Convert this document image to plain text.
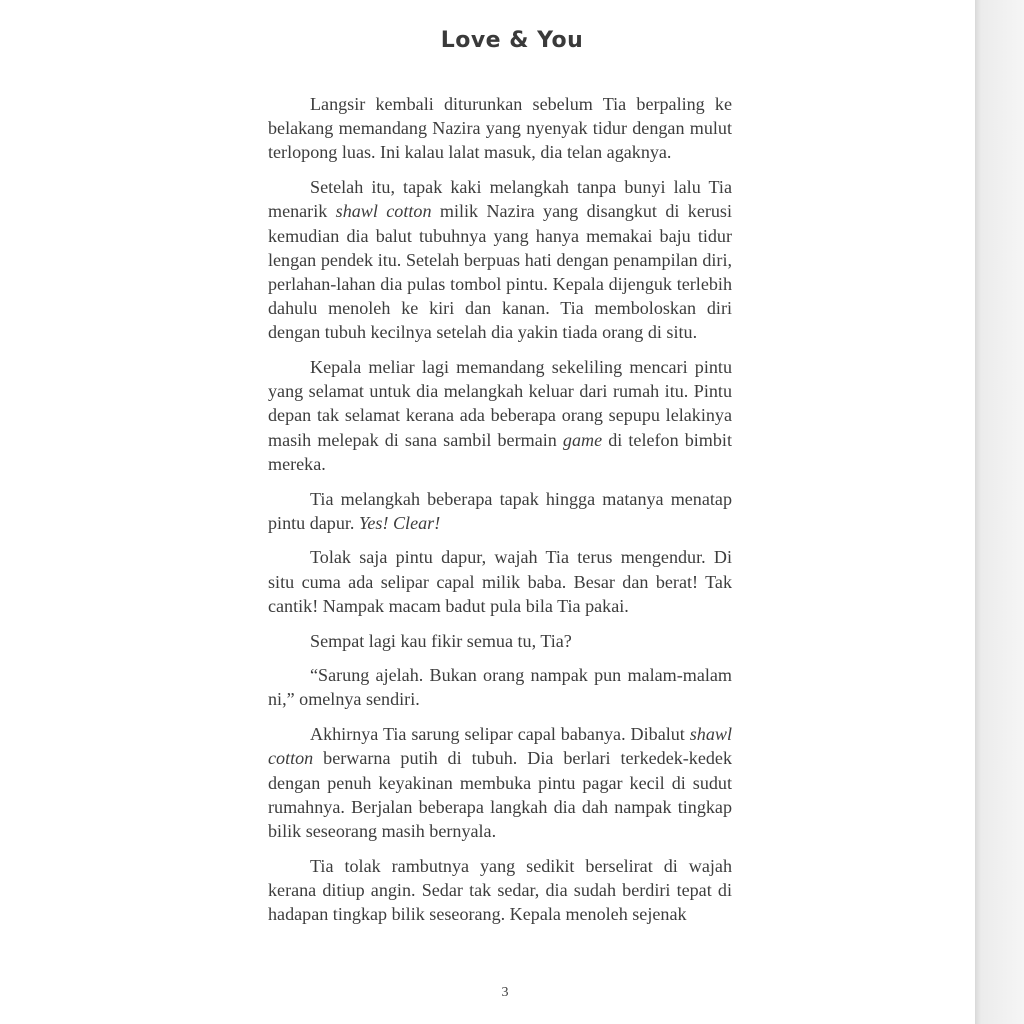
Love & You

Langsir kembali diturunkan sebelum Tia berpaling ke belakang memandang Nazira yang nyenyak tidur dengan mulut terlopong luas. Ini kalau lalat masuk, dia telan agaknya.

Setelah itu, tapak kaki melangkah tanpa bunyi lalu Tia menarik shawl cotton milik Nazira yang disangkut di kerusi kemudian dia balut tubuhnya yang hanya memakai baju tidur lengan pendek itu. Setelah berpuas hati dengan penampilan diri, perlahan-lahan dia pulas tombol pintu. Kepala dijenguk terlebih dahulu menoleh ke kiri dan kanan. Tia memboloskan diri dengan tubuh kecilnya setelah dia yakin tiada orang di situ.

Kepala meliar lagi memandang sekeliling mencari pintu yang selamat untuk dia melangkah keluar dari rumah itu. Pintu depan tak selamat kerana ada beberapa orang sepupu lelakinya masih melepak di sana sambil bermain game di telefon bimbit mereka.

Tia melangkah beberapa tapak hingga matanya menatap pintu dapur. Yes! Clear!

Tolak saja pintu dapur, wajah Tia terus mengendur. Di situ cuma ada selipar capal milik baba. Besar dan berat! Tak cantik! Nampak macam badut pula bila Tia pakai.

Sempat lagi kau fikir semua tu, Tia?

“Sarung ajelah. Bukan orang nampak pun malam-malam ni,” omelnya sendiri.

Akhirnya Tia sarung selipar capal babanya. Dibalut shawl cotton berwarna putih di tubuh. Dia berlari terkedek-kedek dengan penuh keyakinan membuka pintu pagar kecil di sudut rumahnya. Berjalan beberapa langkah dia dah nampak tingkap bilik seseorang masih bernyala.

Tia tolak rambutnya yang sedikit berselirat di wajah kerana ditiup angin. Sedar tak sedar, dia sudah berdiri tepat di hadapan tingkap bilik seseorang. Kepala menoleh sejenak

3
